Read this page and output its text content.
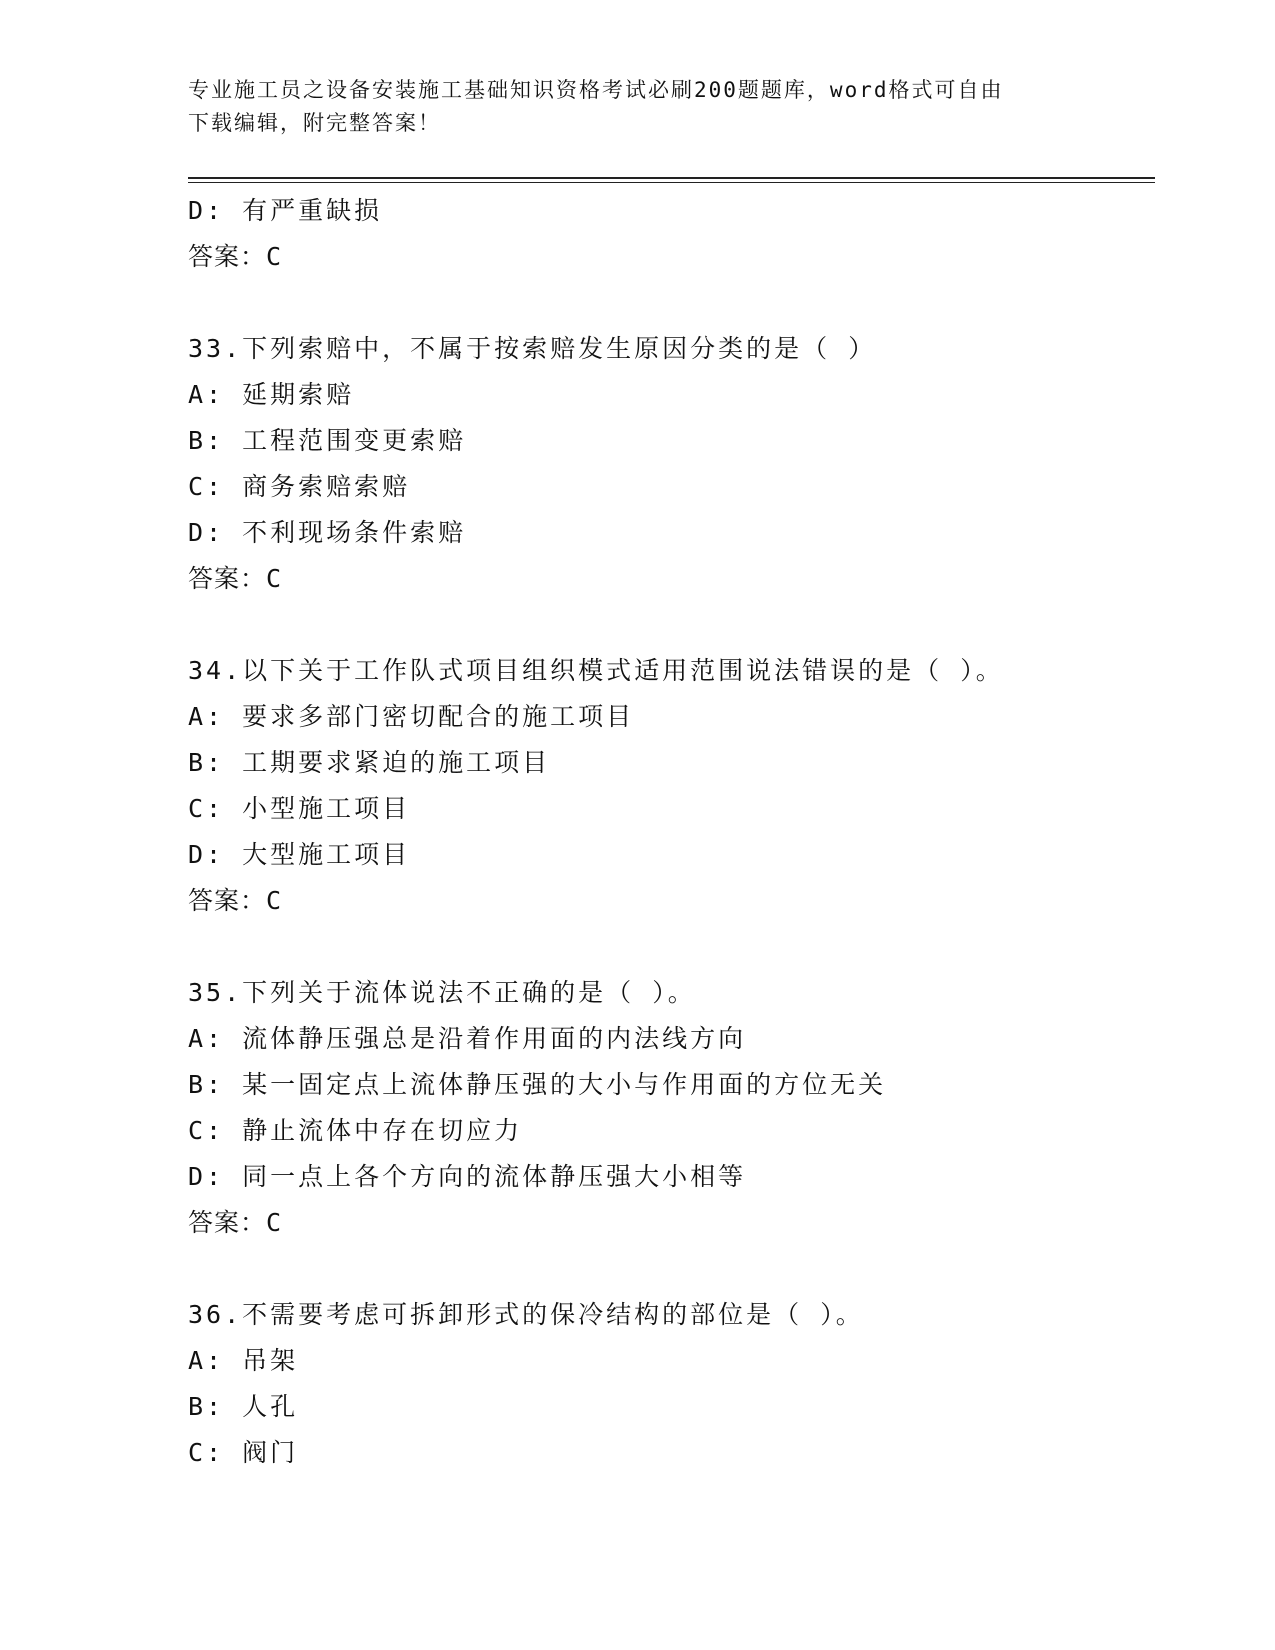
专业施工员之设备安装施工基础知识资格考试必刷200题题库，word格式可自由
下载编辑，附完整答案！
D: 有严重缺损
答案：C
33.下列索赔中，不属于按索赔发生原因分类的是（ ）
A: 延期索赔
B: 工程范围变更索赔
C: 商务索赔索赔
D: 不利现场条件索赔
答案：C
34.以下关于工作队式项目组织模式适用范围说法错误的是（ ）。
A: 要求多部门密切配合的施工项目
B: 工期要求紧迫的施工项目
C: 小型施工项目
D: 大型施工项目
答案：C
35.下列关于流体说法不正确的是（ ）。
A: 流体静压强总是沿着作用面的内法线方向
B: 某一固定点上流体静压强的大小与作用面的方位无关
C: 静止流体中存在切应力
D: 同一点上各个方向的流体静压强大小相等
答案：C
36.不需要考虑可拆卸形式的保冷结构的部位是（ ）。
A: 吊架
B: 人孔
C: 阀门
